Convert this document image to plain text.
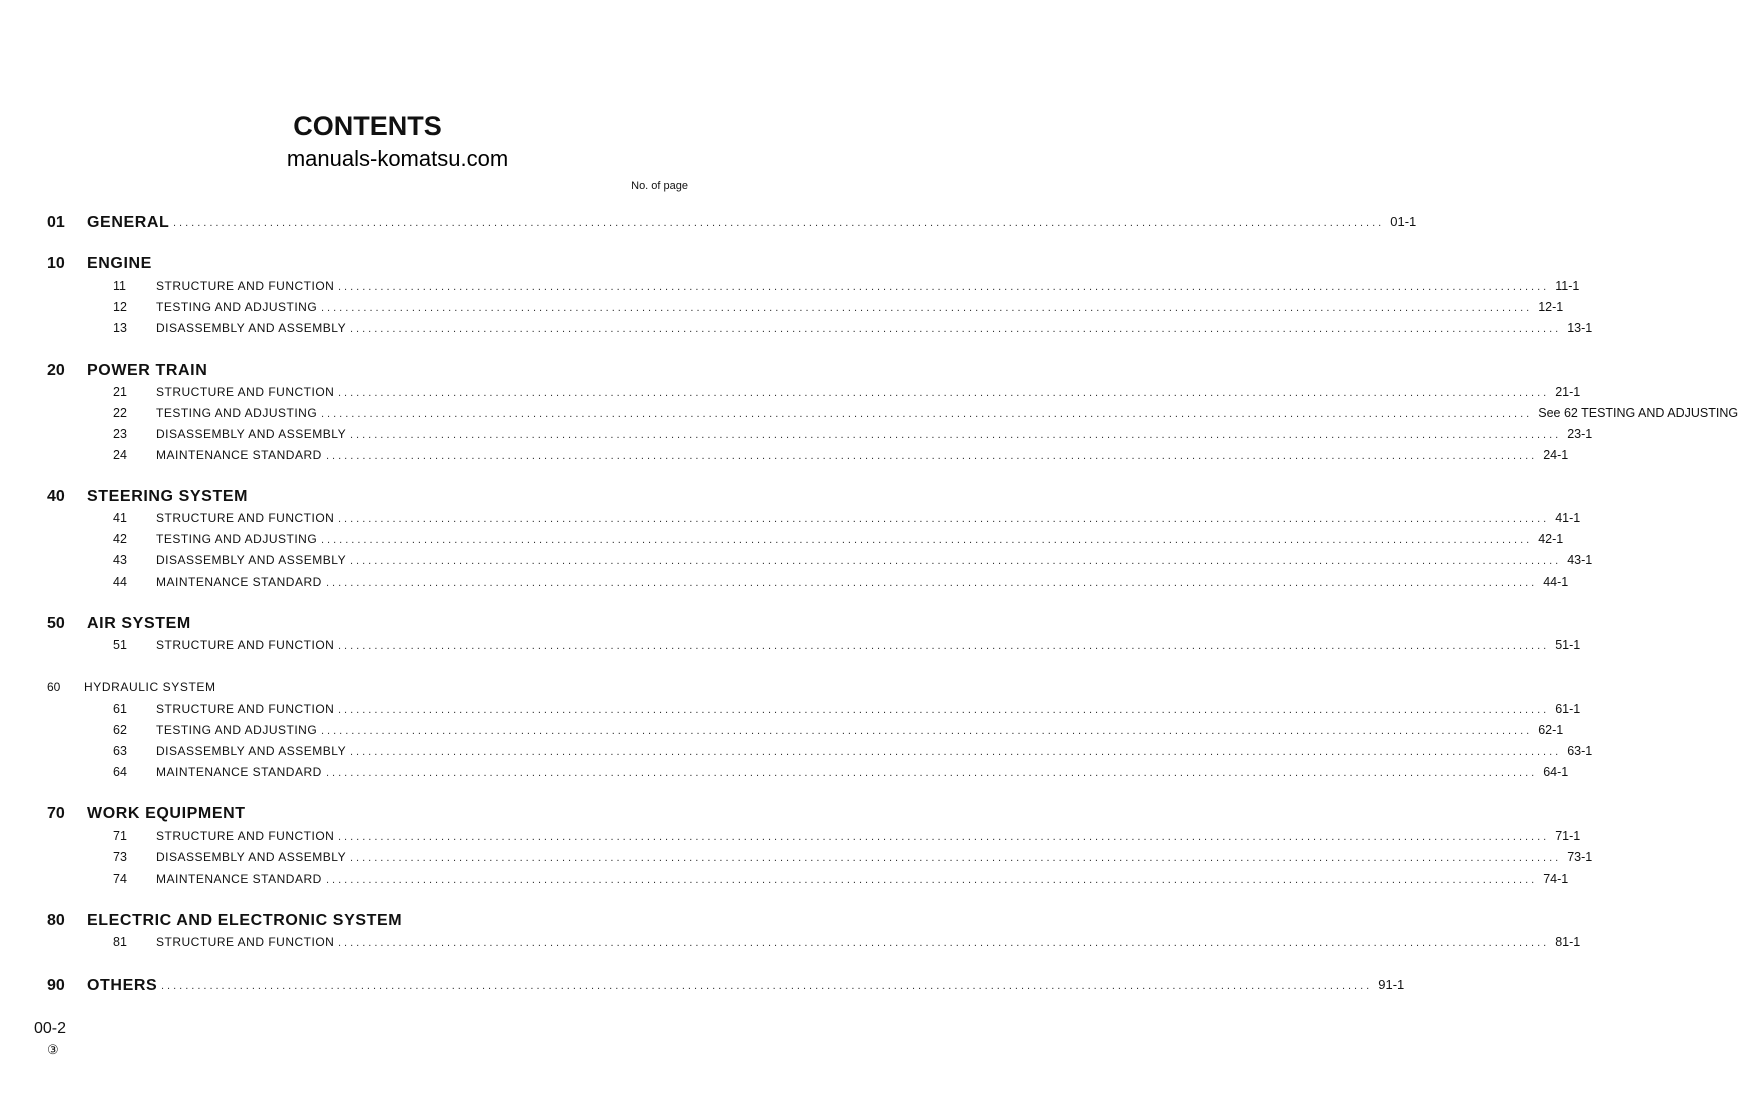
CONTENTS
manuals-komatsu.com
No. of page
01 GENERAL ........................................................................................................................................................................................................ 01-1
10 ENGINE
11	STRUCTURE AND FUNCTION ........................................................................................................................................................................................................ 11-1
12 TESTING AND ADJUSTING ........................................................................................................................................................................................................ 12-1
13 DISASSEMBLY AND ASSEMBLY ........................................................................................................................................................................................................ 13-1
20 POWER TRAIN
21 STRUCTURE AND FUNCTION ........................................................................................................................................................................................................ 21-1
22 TESTING AND ADJUSTING ........................................................................................................................................................................................................ See 62 TESTING AND ADJUSTING
23 DISASSEMBLY AND ASSEMBLY ........................................................................................................................................................................................................ 23-1
24 MAINTENANCE STANDARD ........................................................................................................................................................................................................ 24-1
40 STEERING SYSTEM
41 STRUCTURE AND FUNCTION ........................................................................................................................................................................................................ 41-1
42 TESTING AND ADJUSTING ........................................................................................................................................................................................................ 42-1
43 DISASSEMBLY AND ASSEMBLY ........................................................................................................................................................................................................ 43-1
44 MAINTENANCE STANDARD ........................................................................................................................................................................................................ 44-1
50 AIR SYSTEM
51 STRUCTURE AND FUNCTION ........................................................................................................................................................................................................ 51-1
60 HYDRAULIC SYSTEM
61 STRUCTURE AND FUNCTION ........................................................................................................................................................................................................ 61-1
62 TESTING AND ADJUSTING ........................................................................................................................................................................................................ 62-1
63 DISASSEMBLY AND ASSEMBLY ........................................................................................................................................................................................................ 63-1
64 MAINTENANCE STANDARD ........................................................................................................................................................................................................ 64-1
70 WORK EQUIPMENT
71 STRUCTURE AND FUNCTION ........................................................................................................................................................................................................ 71-1
73 DISASSEMBLY AND ASSEMBLY ........................................................................................................................................................................................................ 73-1
74 MAINTENANCE STANDARD ........................................................................................................................................................................................................ 74-1
80 ELECTRIC AND ELECTRONIC SYSTEM
81 STRUCTURE AND FUNCTION ........................................................................................................................................................................................................ 81-1
90 OTHERS ........................................................................................................................................................................................................ 91-1
00-2
③
